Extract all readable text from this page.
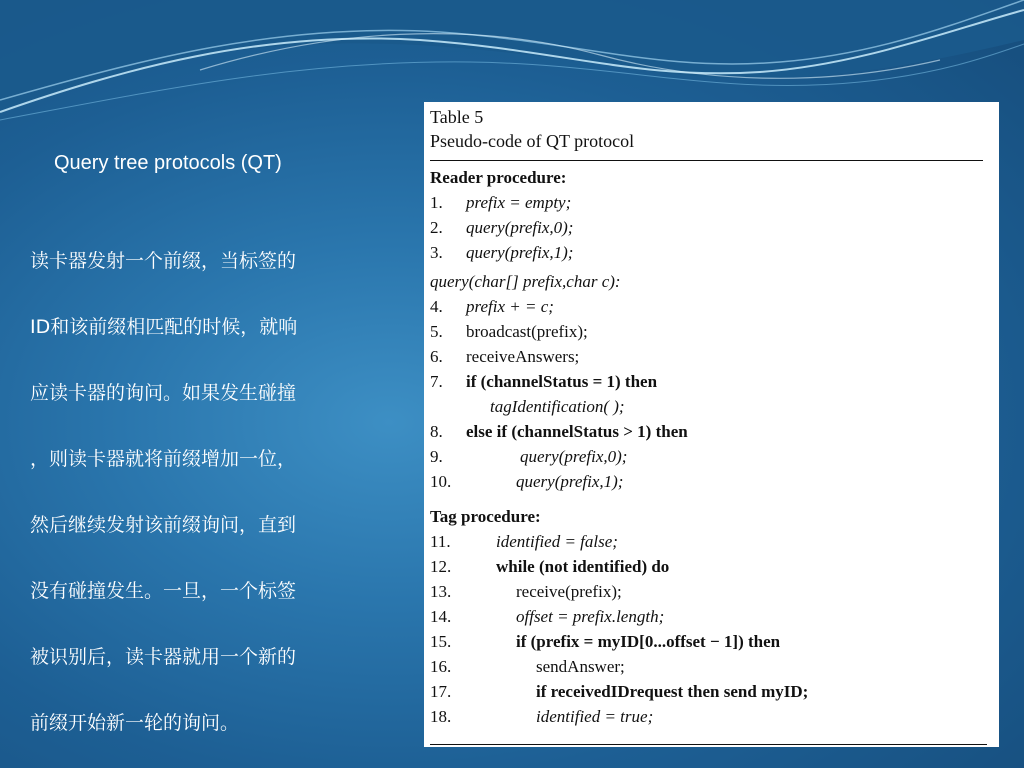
Query tree protocols (QT)

读卡器发射一个前缀，当标签的

ID和该前缀相匹配的时候，就响

应读卡器的询问。如果发生碰撞

，则读卡器就将前缀增加一位，

然后继续发射该前缀询问，直到

没有碰撞发生。一旦，一个标签

被识别后，读卡器就用一个新的

前缀开始新一轮的询问。

Table 5
Pseudo-code of QT protocol
Reader procedure:
1.	prefix = empty;
2.	query(prefix,0);
3.	query(prefix,1);
query(char[] prefix,char c):
4.	prefix + = c;
5.	broadcast(prefix);
6.	receiveAnswers;
7.	if (channelStatus = 1) then
tagIdentification( );
8.	else if (channelStatus > 1) then
9.	query(prefix,0);
10.	query(prefix,1);
Tag procedure:
11.	identified = false;
12.	while (not identified) do
13.	receive(prefix);
14.	offset = prefix.length;
15.	if (prefix = myID[0...offset − 1]) then
16.	sendAnswer;
17.	if receivedIDrequest then send myID;
18.	identified = true;
